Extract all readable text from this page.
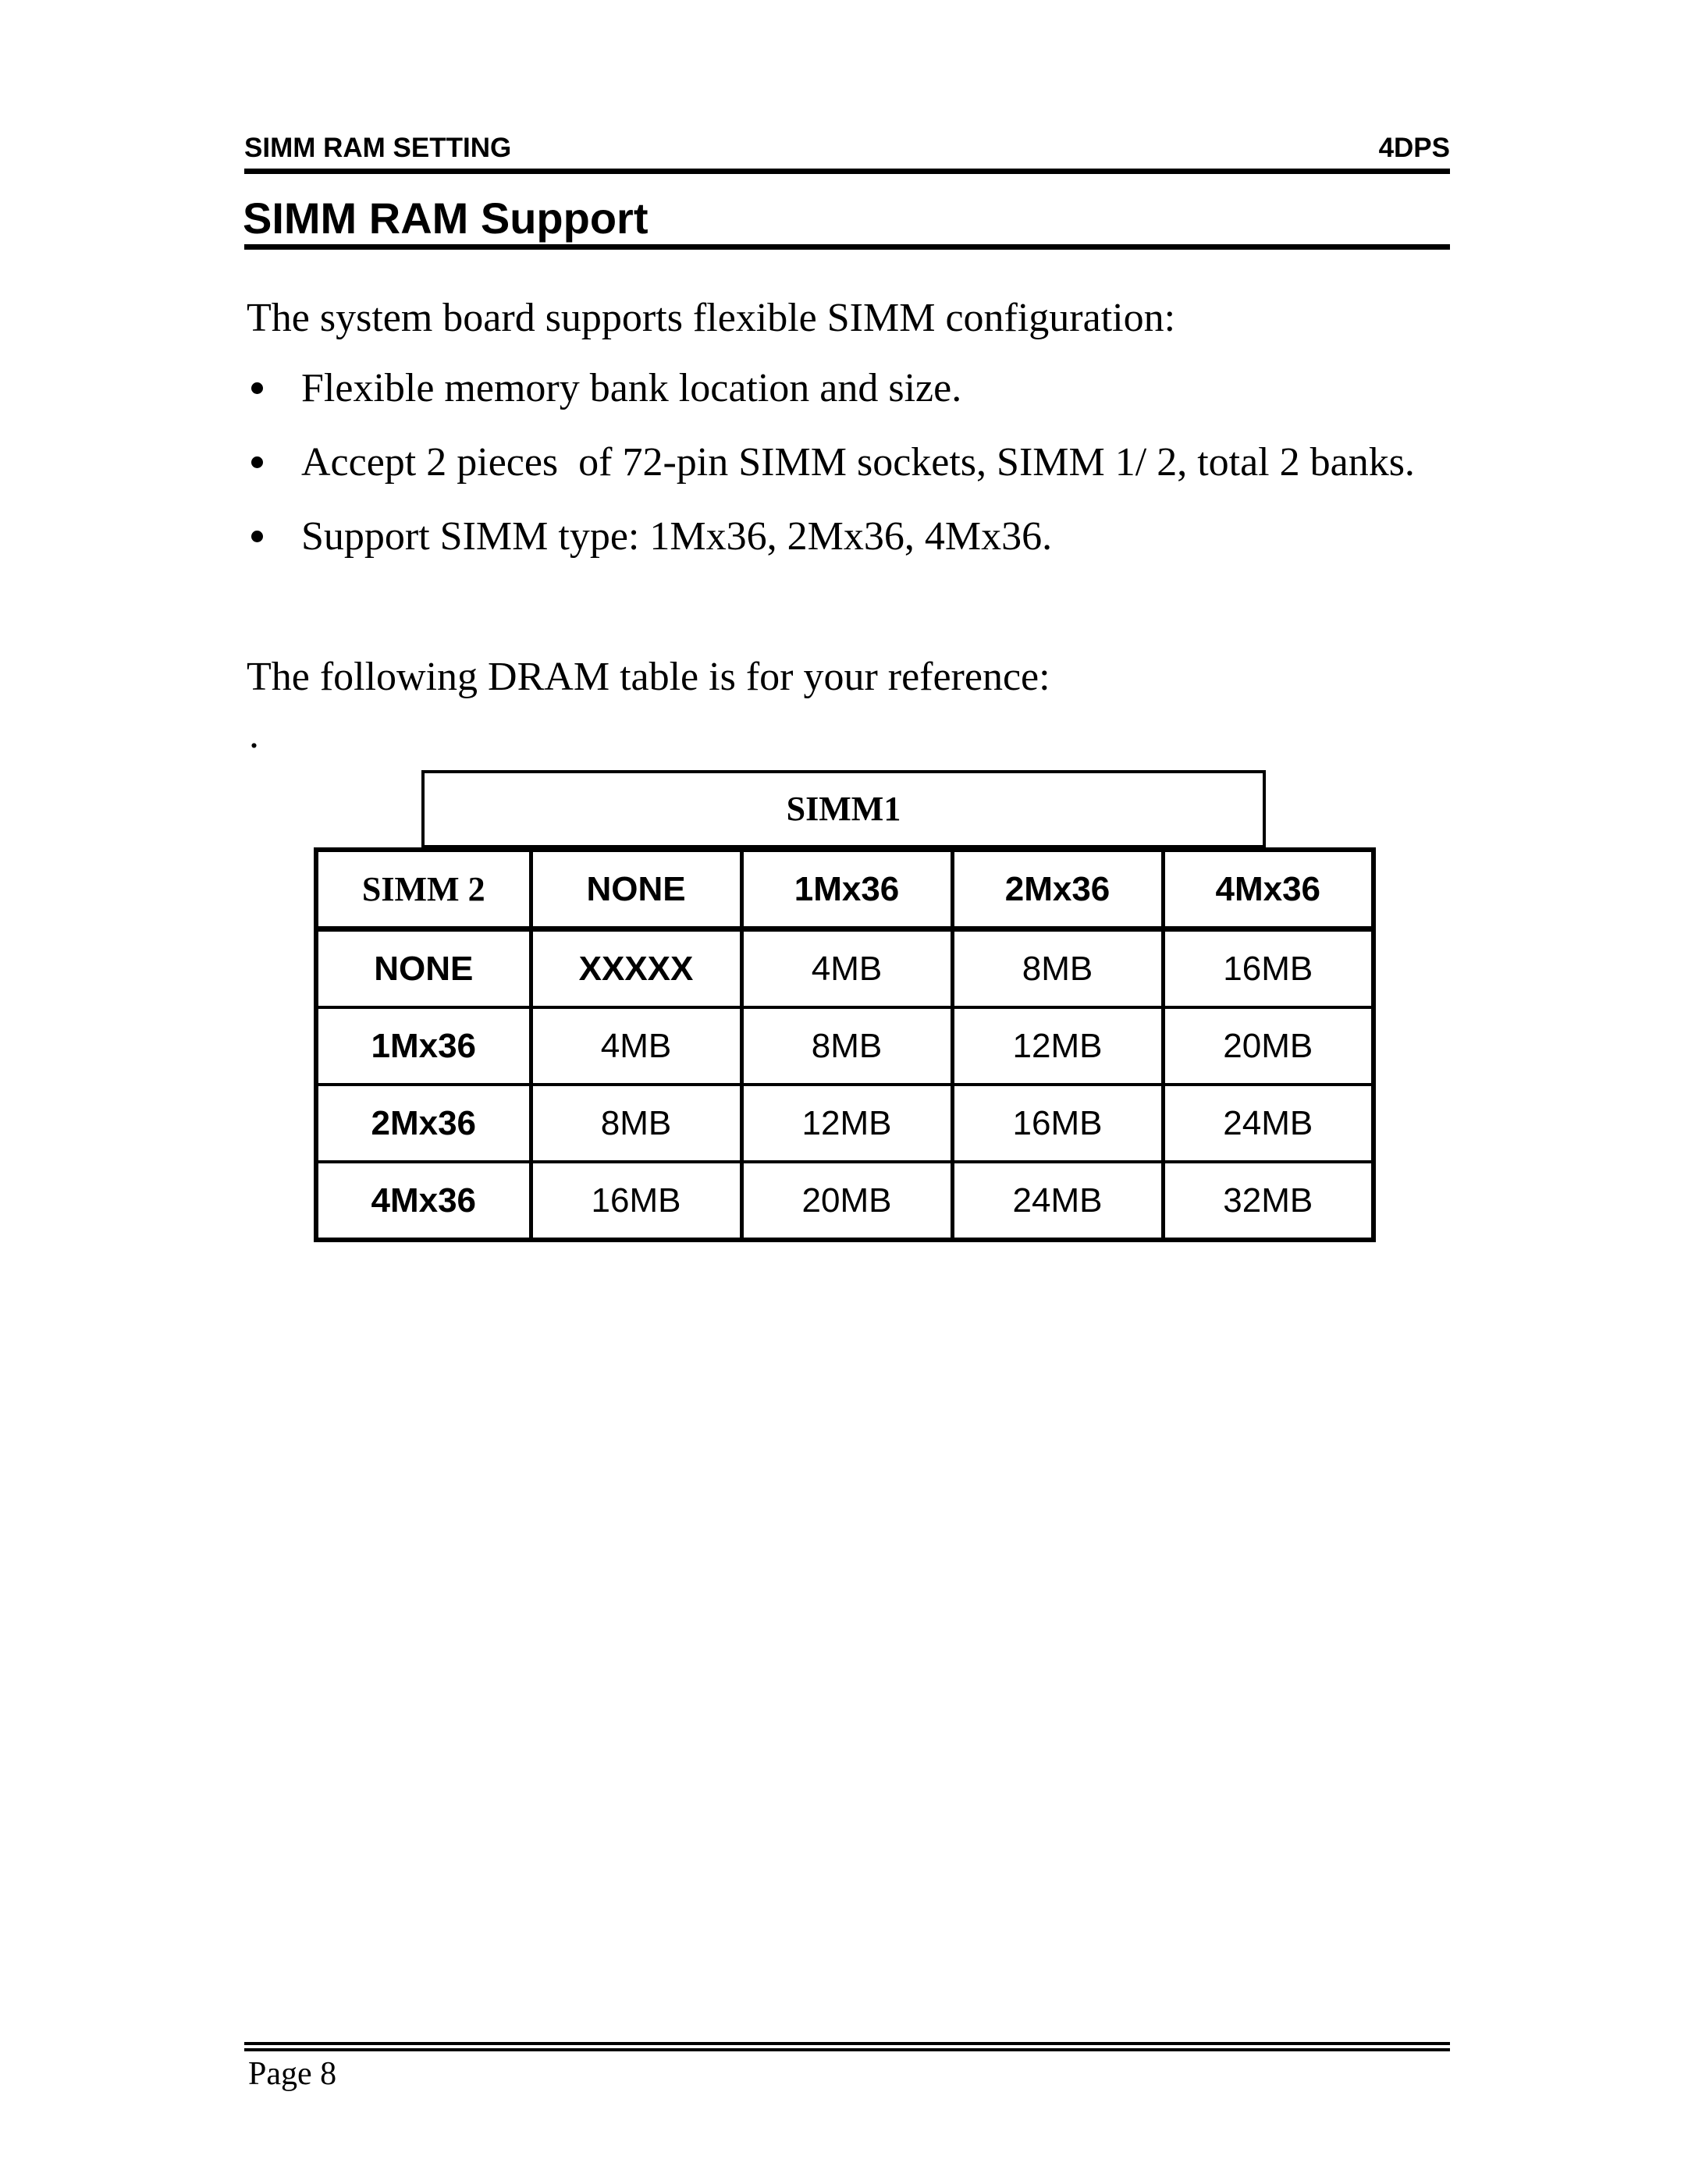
SIMM RAM SETTING	4DPS
SIMM RAM Support

The system board supports flexible SIMM configuration:

Flexible memory bank location and size.
Accept 2 pieces  of 72-pin SIMM sockets, SIMM 1/ 2, total 2 banks.
Support SIMM type: 1Mx36, 2Mx36, 4Mx36.

The following DRAM table is for your reference:

.

SIMM1
SIMM 2	NONE	1Mx36	2Mx36	4Mx36
NONE	XXXXX	4MB	8MB	16MB
1Mx36	4MB	8MB	12MB	20MB
2Mx36	8MB	12MB	16MB	24MB
4Mx36	16MB	20MB	24MB	32MB
Page 8
